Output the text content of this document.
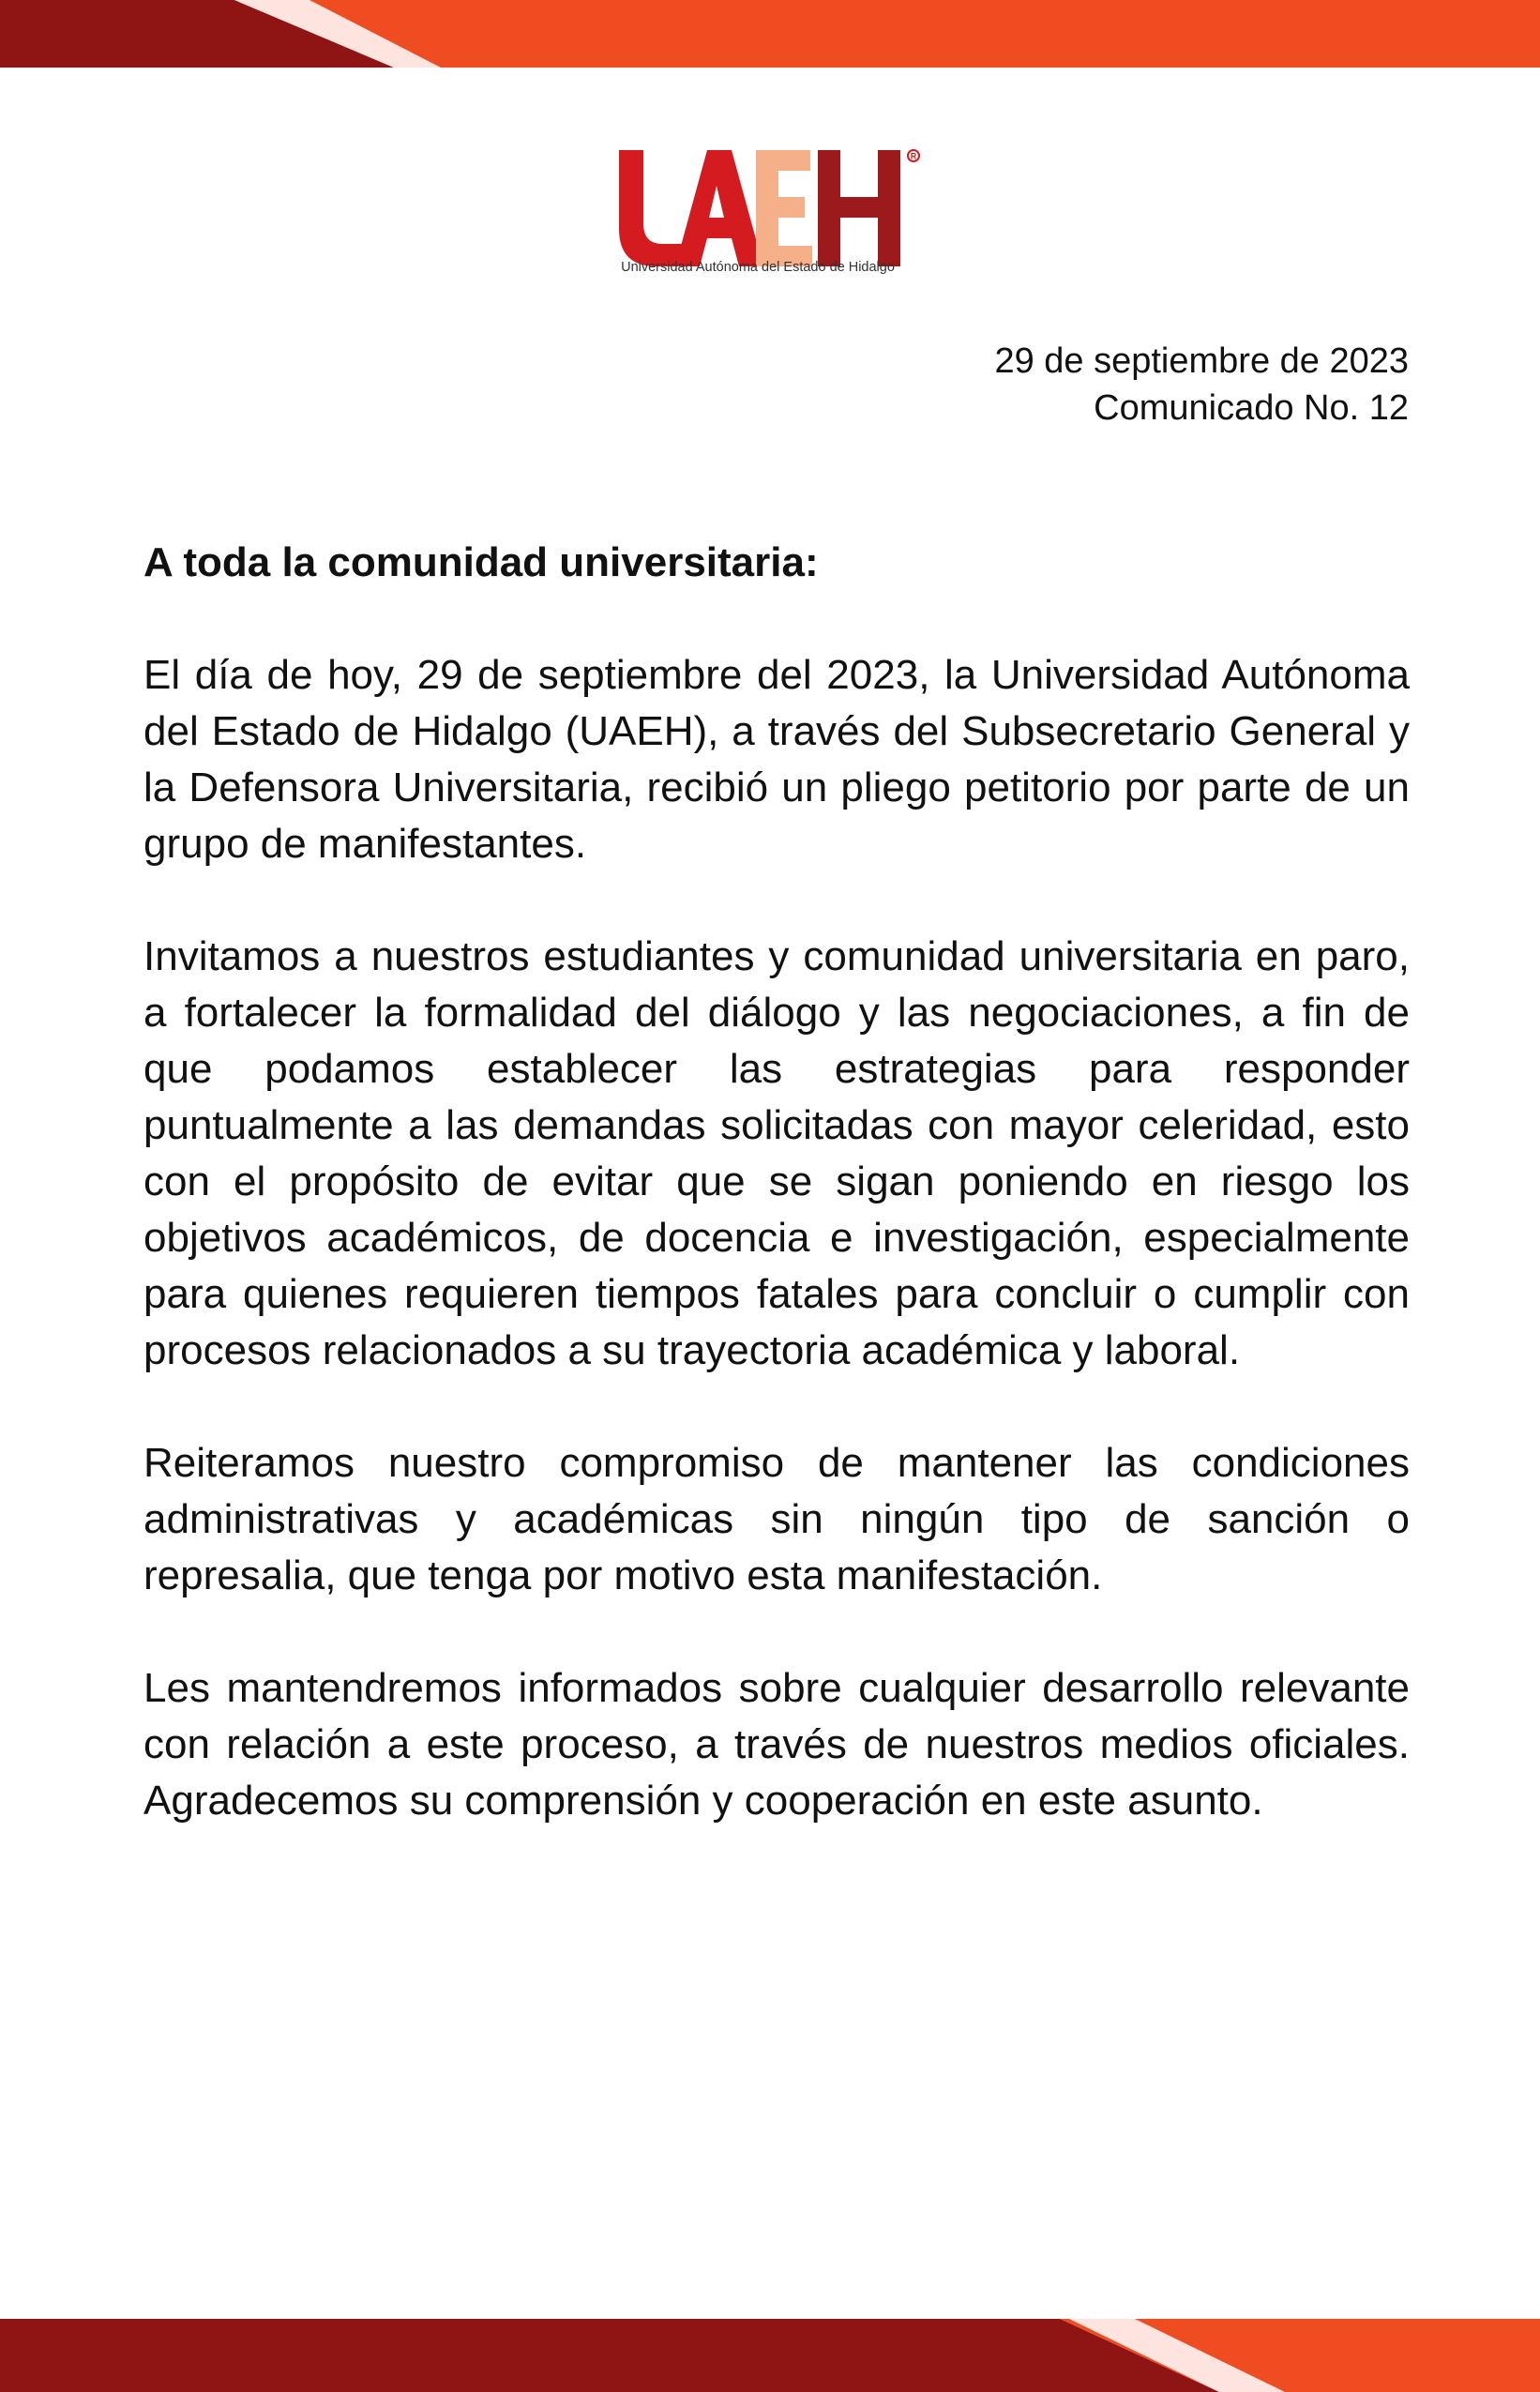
R
Universidad Autónoma del Estado de Hidalgo
29 de septiembre de 2023
Comunicado No. 12
A toda la comunidad universitaria:

El día de hoy, 29 de septiembre del 2023, la Universidad Autónoma del Estado de Hidalgo (UAEH), a través del Subsecretario General y la Defensora Universitaria, recibió un pliego petitorio por parte de un grupo de manifestantes.

Invitamos a nuestros estudiantes y comunidad universitaria en paro, a fortalecer la formalidad del diálogo y las negociaciones, a fin de que podamos establecer las estrategias para responder puntualmente a las demandas solicitadas con mayor celeridad, esto con el propósito de evitar que se sigan poniendo en riesgo los objetivos académicos, de docencia e investigación, especialmente para quienes requieren tiempos fatales para concluir o cumplir con procesos relacionados a su trayectoria académica y laboral.

Reiteramos nuestro compromiso de mantener las condiciones administrativas y académicas sin ningún tipo de sanción o represalia, que tenga por motivo esta manifestación.

Les mantendremos informados sobre cualquier desarrollo relevante con relación a este proceso, a través de nuestros medios oficiales. Agradecemos su comprensión y cooperación en este asunto.
